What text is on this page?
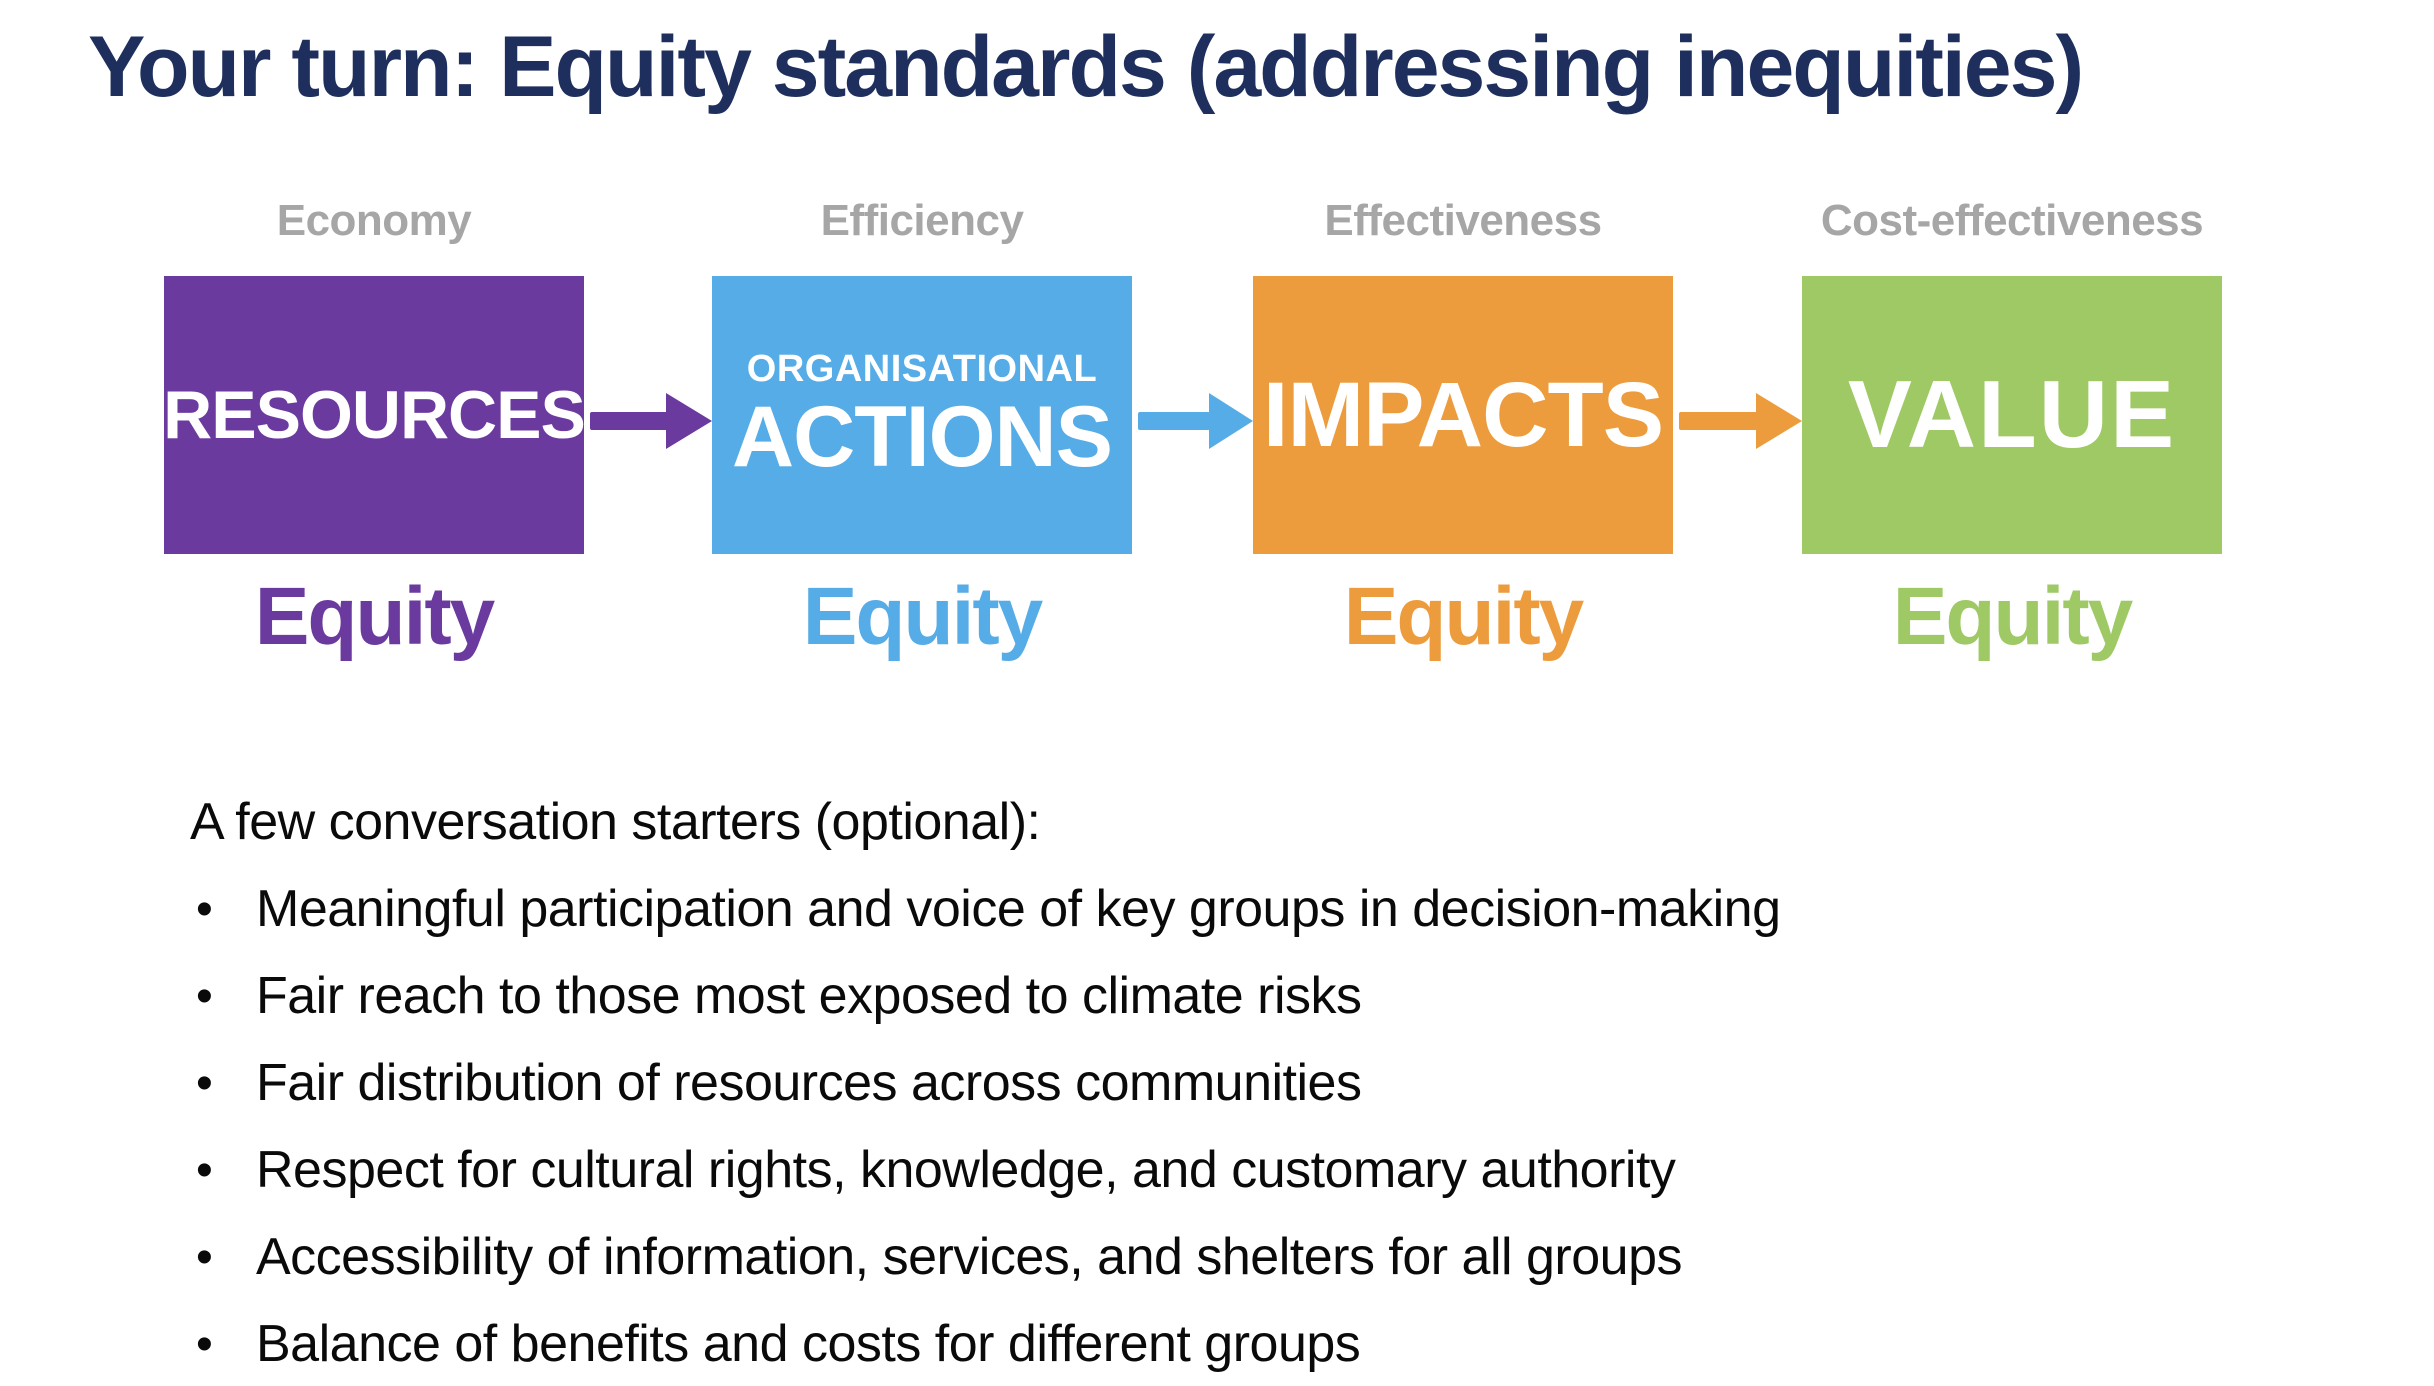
Your turn: Equity standards (addressing inequities)
Economy
RESOURCES
Equity
Efficiency
ORGANISATIONAL
ACTIONS
Equity
Effectiveness
IMPACTS
Equity
Cost-effectiveness
VALUE
Equity

A few conversation starters (optional):

• Meaningful participation and voice of key groups in decision-making
• Fair reach to those most exposed to climate risks
• Fair distribution of resources across communities
• Respect for cultural rights, knowledge, and customary authority
• Accessibility of information, services, and shelters for all groups
• Balance of benefits and costs for different groups
